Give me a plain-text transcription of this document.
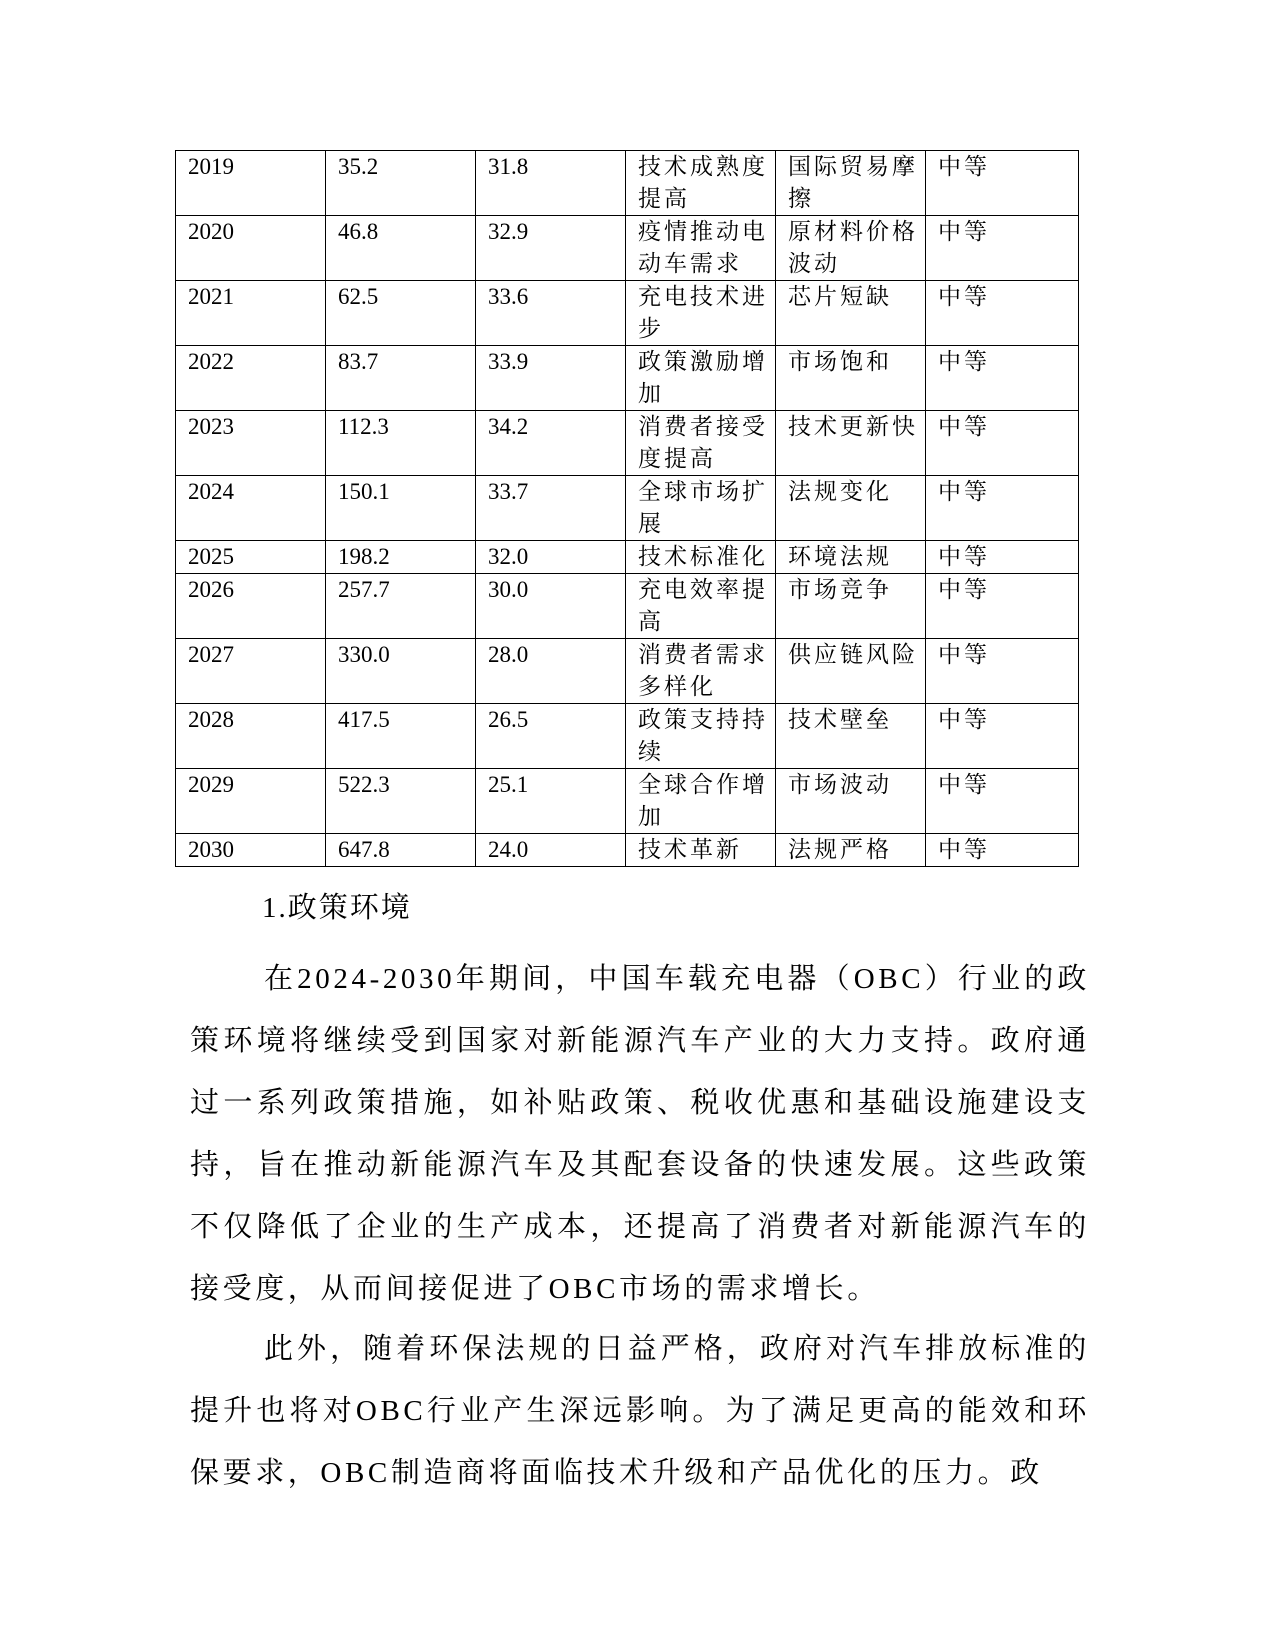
2019	35.2	31.8	技术成熟度提高	国际贸易摩擦	中等
2020	46.8	32.9	疫情推动电动车需求	原材料价格波动	中等
2021	62.5	33.6	充电技术进步	芯片短缺	中等
2022	83.7	33.9	政策激励增加	市场饱和	中等
2023	112.3	34.2	消费者接受度提高	技术更新快	中等
2024	150.1	33.7	全球市场扩展	法规变化	中等
2025	198.2	32.0	技术标准化	环境法规	中等
2026	257.7	30.0	充电效率提高	市场竞争	中等
2027	330.0	28.0	消费者需求多样化	供应链风险	中等
2028	417.5	26.5	政策支持持续	技术壁垒	中等
2029	522.3	25.1	全球合作增加	市场波动	中等
2030	647.8	24.0	技术革新	法规严格	中等
1.政策环境

在2024-2030年期间，中国车载充电器（OBC）行业的政策环境将继续受到国家对新能源汽车产业的大力支持。政府通过一系列政策措施，如补贴政策、税收优惠和基础设施建设支持，旨在推动新能源汽车及其配套设备的快速发展。这些政策不仅降低了企业的生产成本，还提高了消费者对新能源汽车的接受度，从而间接促进了OBC市场的需求增长。

此外，随着环保法规的日益严格，政府对汽车排放标准的提升也将对OBC行业产生深远影响。为了满足更高的能效和环保要求，OBC制造商将面临技术升级和产品优化的压力。政
